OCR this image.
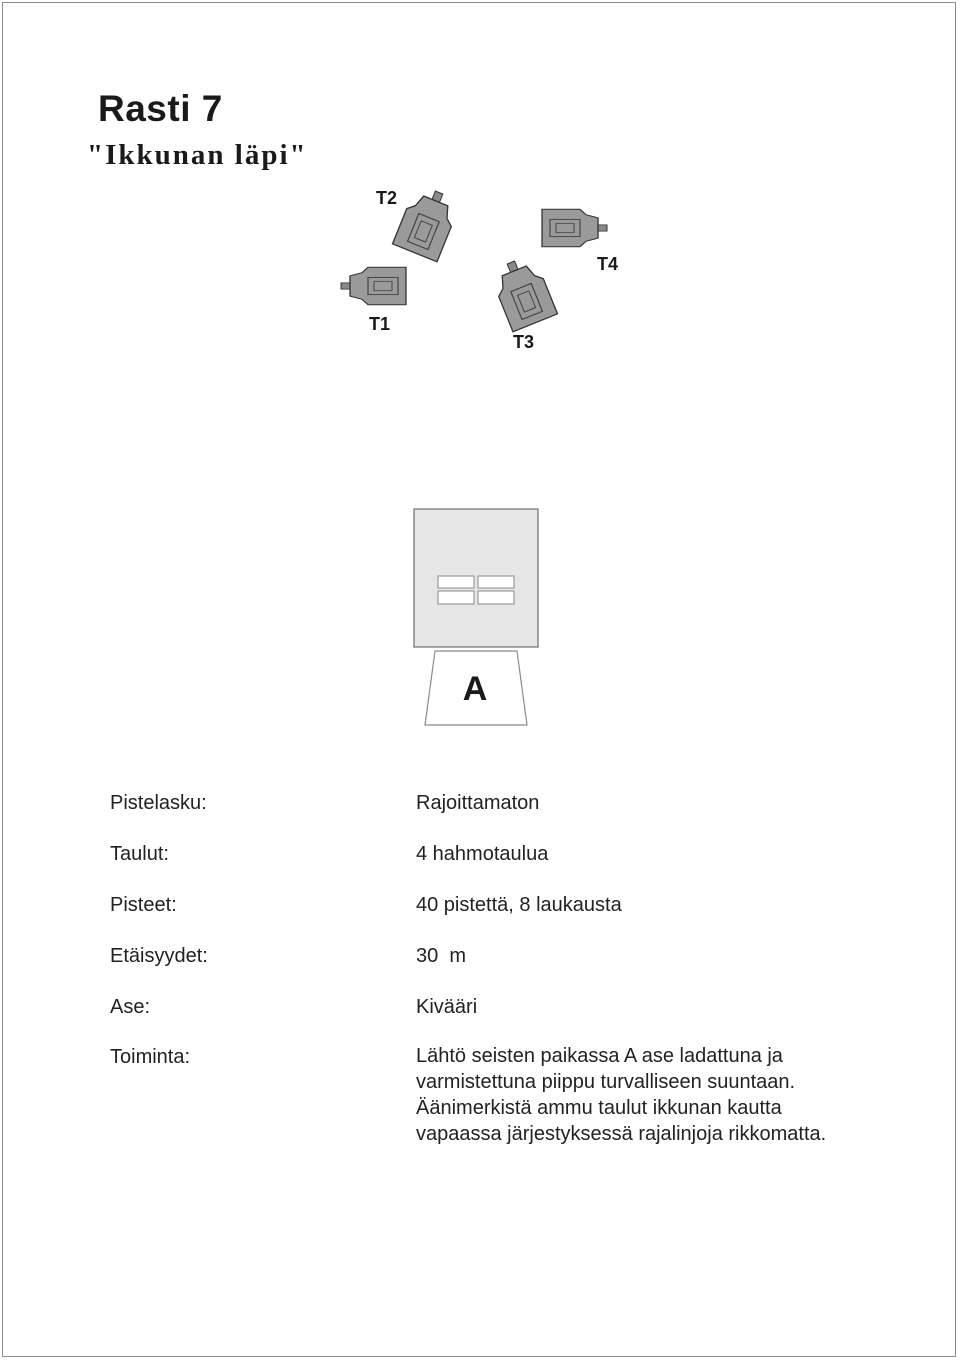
Rasti 7
"Ikkunan läpi"
T2
T4
T1
T3
A
Pistelasku:	Rajoittamaton
Taulut:	4 hahmotaulua
Pisteet:	40 pistettä, 8 laukausta
Etäisyydet:	30  m
Ase:	Kivääri
Toiminta:	Lähtö seisten paikassa A ase ladattuna ja varmistettuna piippu turvalliseen suuntaan. Äänimerkistä ammu taulut ikkunan kautta vapaassa järjestyksessä rajalinjoja rikkomatta.
